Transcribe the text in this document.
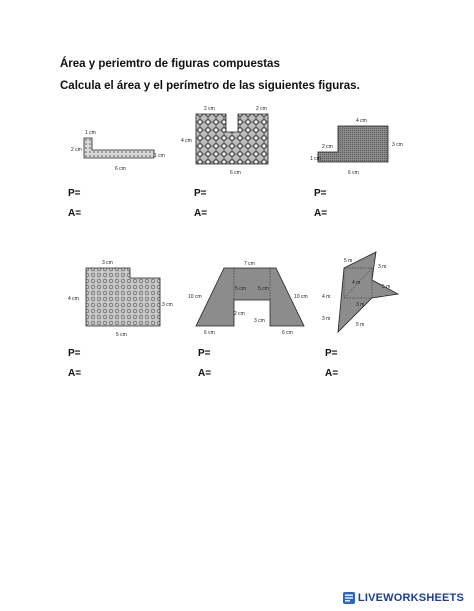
Área y periemtro de figuras compuestas
Calcula el área y el perímetro de las siguientes figuras.
1 cm
2 cm
1 cm
6 cm
2 cm	2 cm
4 cm
6 cm
4 cm
3 cm
2 cm
1 cm
6 cm
P=
A=
P=
A=
P=
A=
3 cm
4 cm
3 cm
5 cm
7 cm
10 cm
5 cm 5 cm
10 cm
2 cm
3 cm
6 cm	6 cm
5 m
3 m
5 m
4 m
4 m
3 m
3 m
5 m
P=
A=
P=
A=
P=
A=
LIVEWORKSHEETS
